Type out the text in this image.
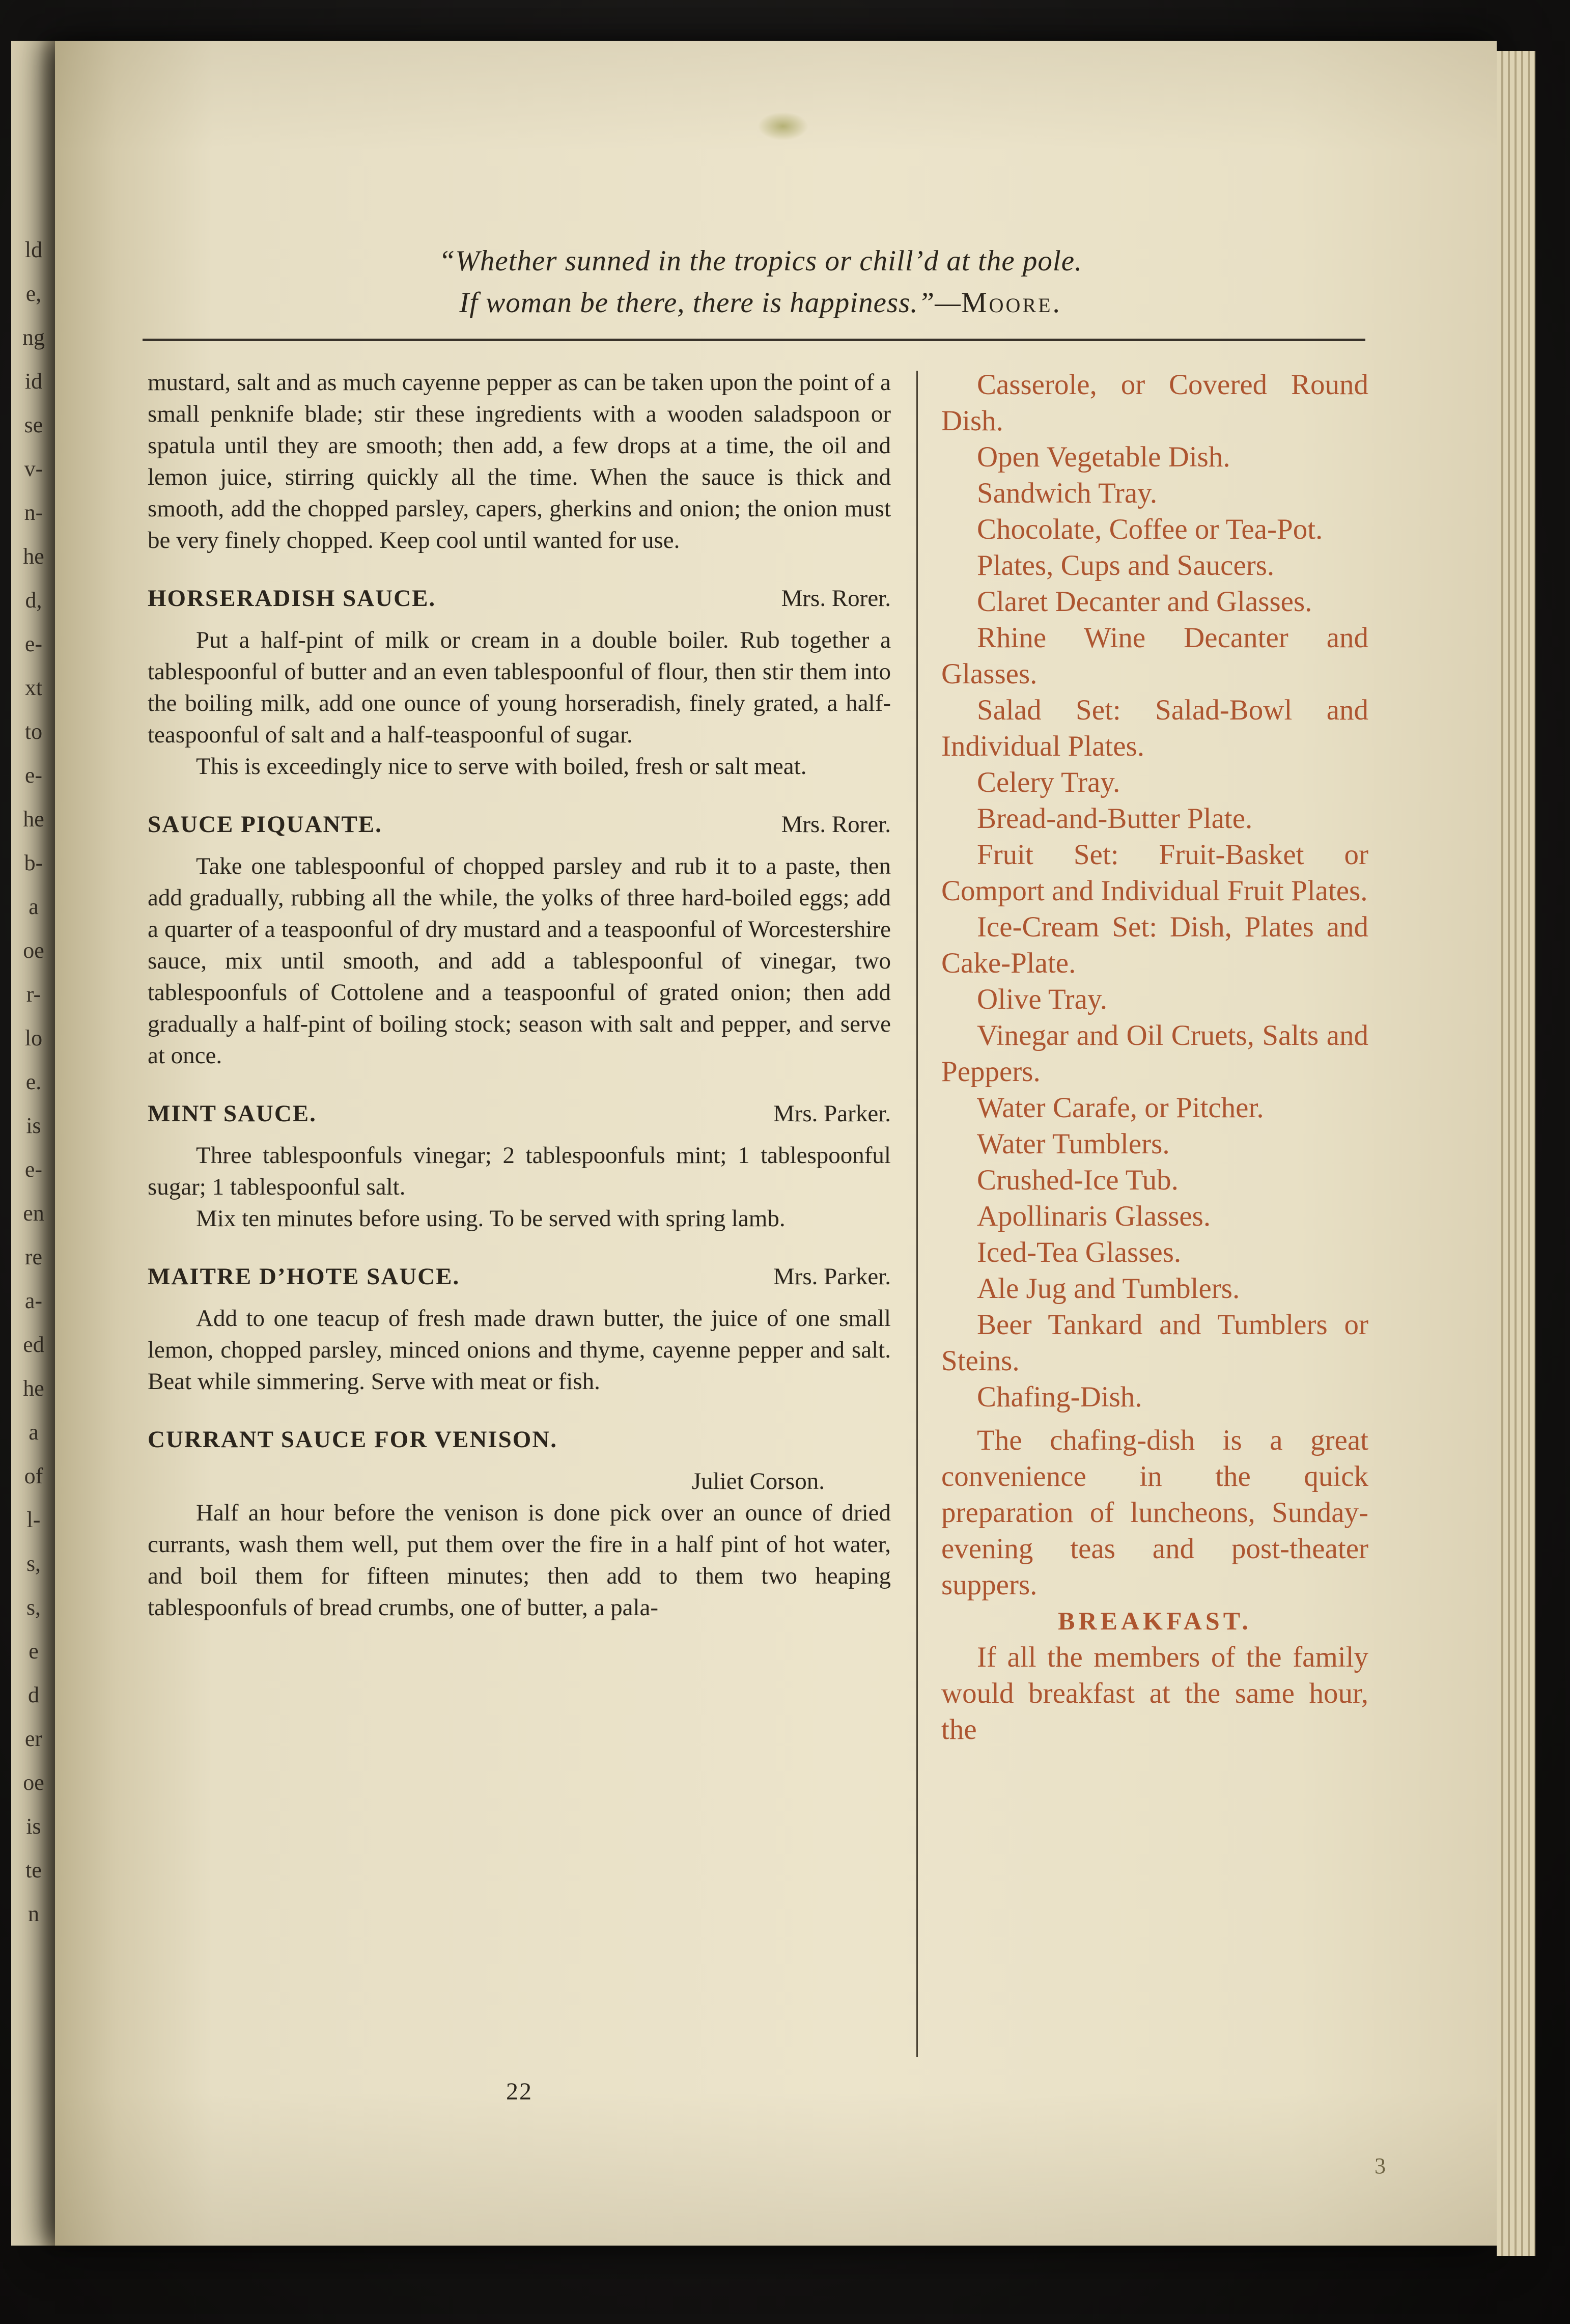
ld

e,

ng

id

se

v-

n-

he

d,

e-

xt

to

e-

he

b-

a

oe

r-

lo

e.

is

e-

en

re

a-

ed

he

a

of

l-

s,

s,

e

d

er

oe

is

te

n

“Whether sunned in the tropics or chill’d at the pole.
If woman be there, there is happiness.”—Moore.

mustard, salt and as much cayenne pepper as can be taken upon the point of a small penknife blade; stir these ingredients with a wooden saladspoon or spatula until they are smooth; then add, a few drops at a time, the oil and lemon juice, stirring quickly all the time. When the sauce is thick and smooth, add the chopped parsley, capers, gherkins and onion; the onion must be very finely chopped. Keep cool until wanted for use.

HORSERADISH SAUCE.	Mrs. Rorer.

Put a half-pint of milk or cream in a double boiler. Rub together a tablespoonful of butter and an even tablespoonful of flour, then stir them into the boiling milk, add one ounce of young horseradish, finely grated, a half-teaspoonful of salt and a half-teaspoonful of sugar.

This is exceedingly nice to serve with boiled, fresh or salt meat.

SAUCE PIQUANTE.	Mrs. Rorer.

Take one tablespoonful of chopped parsley and rub it to a paste, then add gradually, rubbing all the while, the yolks of three hard-boiled eggs; add a quarter of a teaspoonful of dry mustard and a teaspoonful of Worcestershire sauce, mix until smooth, and add a tablespoonful of vinegar, two tablespoonfuls of Cottolene and a teaspoonful of grated onion; then add gradually a half-pint of boiling stock; season with salt and pepper, and serve at once.

MINT SAUCE.	Mrs. Parker.

Three tablespoonfuls vinegar; 2 tablespoonfuls mint; 1 tablespoonful sugar; 1 tablespoonful salt.

Mix ten minutes before using. To be served with spring lamb.

MAITRE D’HOTE SAUCE.	Mrs. Parker.

Add to one teacup of fresh made drawn butter, the juice of one small lemon, chopped parsley, minced onions and thyme, cayenne pepper and salt. Beat while simmering. Serve with meat or fish.

CURRANT SAUCE FOR VENISON.

Juliet Corson.

Half an hour before the venison is done pick over an ounce of dried currants, wash them well, put them over the fire in a half pint of hot water, and boil them for fifteen minutes; then add to them two heaping tablespoonfuls of bread crumbs, one of butter, a pala-

Casserole, or Covered Round Dish.

Open Vegetable Dish.

Sandwich Tray.

Chocolate, Coffee or Tea-Pot.

Plates, Cups and Saucers.

Claret Decanter and Glasses.

Rhine Wine Decanter and Glasses.

Salad Set: Salad-Bowl and Individual Plates.

Celery Tray.

Bread-and-Butter Plate.

Fruit Set: Fruit-Basket or Comport and Individual Fruit Plates.

Ice-Cream Set: Dish, Plates and Cake-Plate.

Olive Tray.

Vinegar and Oil Cruets, Salts and Peppers.

Water Carafe, or Pitcher.

Water Tumblers.

Crushed-Ice Tub.

Apollinaris Glasses.

Iced-Tea Glasses.

Ale Jug and Tumblers.

Beer Tankard and Tumblers or Steins.

Chafing-Dish.

The chafing-dish is a great convenience in the quick preparation of luncheons, Sunday-evening teas and post-theater suppers.

BREAKFAST.

If all the members of the family would breakfast at the same hour, the

22
3
